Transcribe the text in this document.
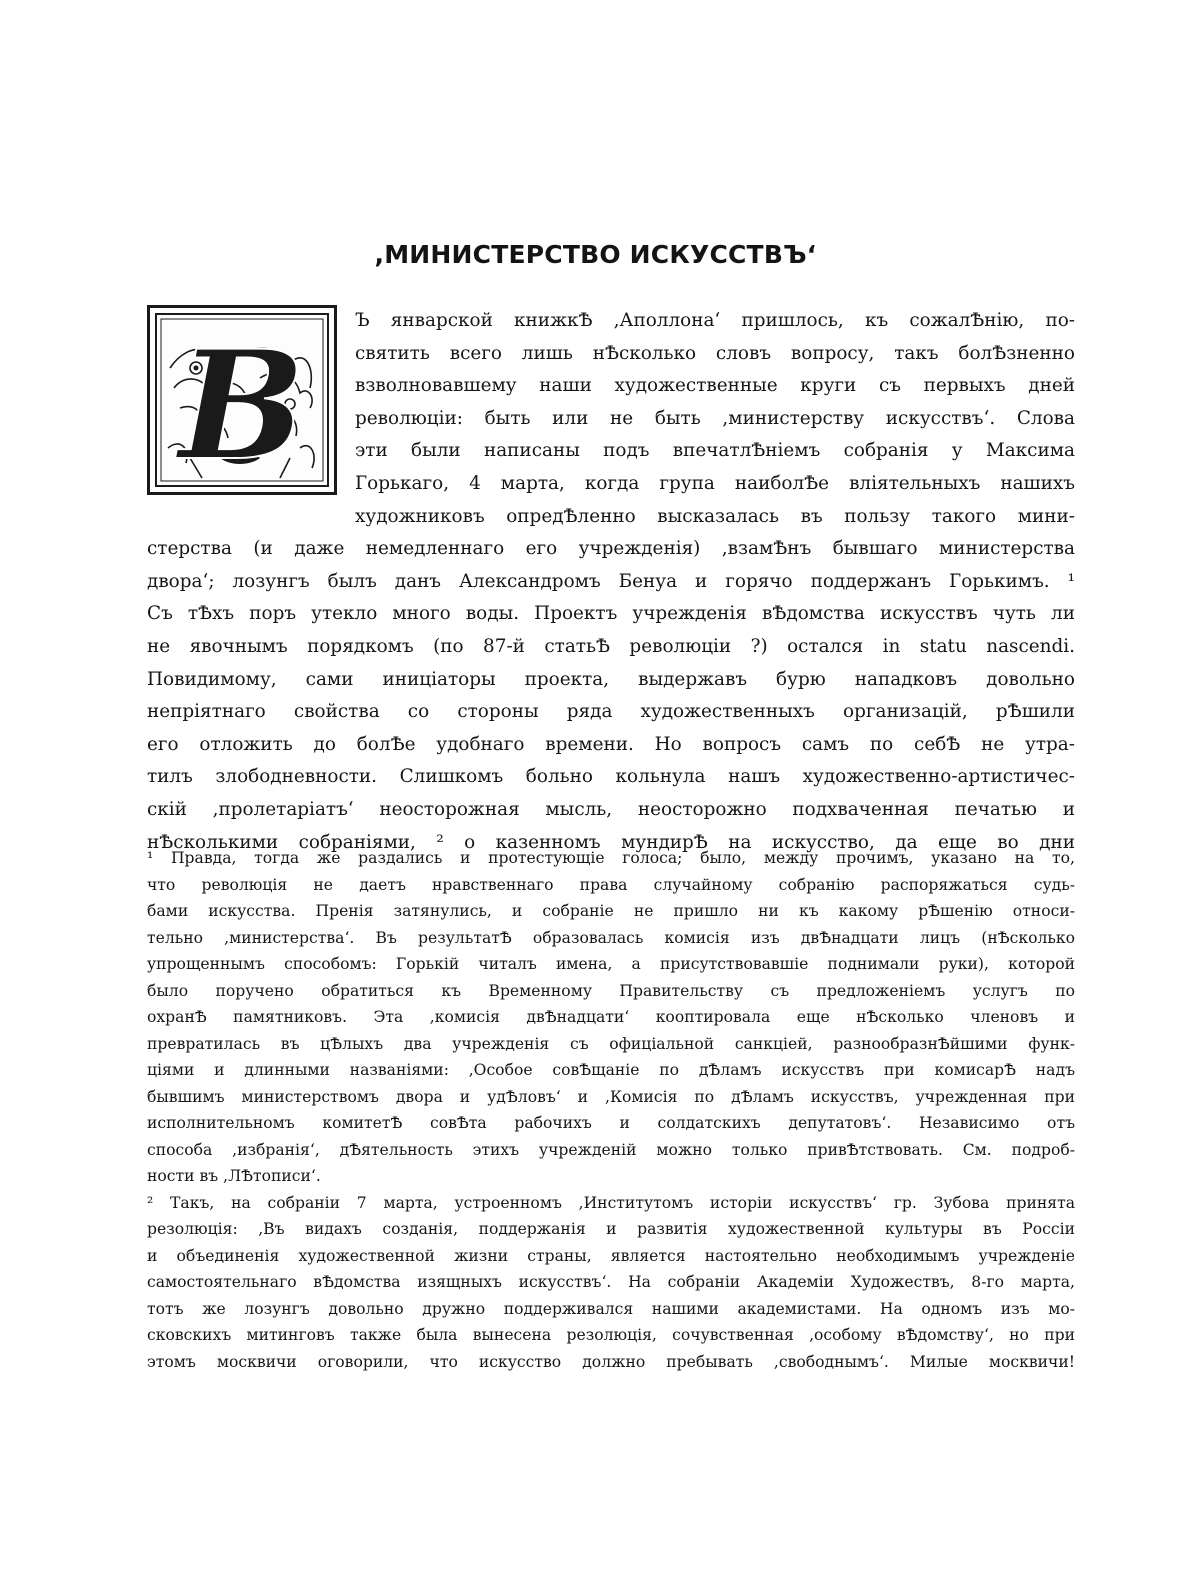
,МИНИСТЕРСТВО ИСКУССТВЪ‘
В	Ъ январской книжкѢ ,Аполлона‘ пришлось, къ сожалѢнію, по-
святить всего лишь нѢсколько словъ вопросу, такъ болѢзненно
взволновавшему наши художественные круги съ первыхъ дней
революціи: быть или не быть ,министерству искусствъ‘. Слова
эти были написаны подъ впечатлѢніемъ собранія у Максима
Горькаго, 4 марта, когда група наиболѢе вліятельныхъ нашихъ
художниковъ опредѢленно высказалась въ пользу такого мини-
стерства (и даже немедленнаго его учрежденія) ,взамѢнъ бывшаго министерства
двора‘; лозунгъ былъ данъ Александромъ Бенуа и горячо поддержанъ Горькимъ. ¹
Съ тѢхъ поръ утекло много воды. Проектъ учрежденія вѢдомства искусствъ чуть ли
не явочнымъ порядкомъ (по 87-й статьѢ революціи ?) остался in statu nascendi.
Повидимому, сами иниціаторы проекта, выдержавъ бурю нападковъ довольно
непріятнаго свойства со стороны ряда художественныхъ организацій, рѢшили
его отложить до болѢе удобнаго времени. Но вопросъ самъ по себѢ не утра-
тилъ злободневности. Слишкомъ больно кольнула нашъ художественно-артистичес-
скій ,пролетаріатъ‘ неосторожная мысль, неосторожно подхваченная печатью и
нѢсколькими собраніями, ² о казенномъ мундирѢ на искусство, да еще во дни
¹ Правда, тогда же раздались и протестующіе голоса; было, между прочимъ, указано на то,
что революція не даетъ нравственнаго права случайному собранію распоряжаться судь-
бами искусства. Пренія затянулись, и собраніе не пришло ни къ какому рѢшенію относи-
тельно ,министерства‘. Въ результатѢ образовалась комисія изъ двѢнадцати лицъ (нѢсколько
упрощеннымъ способомъ: Горькій читалъ имена, а присутствовавшіе поднимали руки), которой
было поручено обратиться къ Временному Правительству съ предложеніемъ услугъ по
охранѢ памятниковъ. Эта ,комисія двѢнадцати‘ кооптировала еще нѢсколько членовъ и
превратилась въ цѢлыхъ два учрежденія съ офиціальной санкціей, разнообразнѢйшими функ-
ціями и длинными названіями: ,Особое совѢщаніе по дѢламъ искусствъ при комисарѢ надъ
бывшимъ министерствомъ двора и удѢловъ‘ и ,Комисія по дѢламъ искусствъ, учрежденная при
исполнительномъ комитетѢ совѢта рабочихъ и солдатскихъ депутатовъ‘. Независимо отъ
способа ,избранія‘, дѢятельность этихъ учрежденій можно только привѢтствовать. См. подроб-
ности въ ,ЛѢтописи‘.
² Такъ, на собраніи 7 марта, устроенномъ ,Институтомъ исторіи искусствъ‘ гр. Зубова принята
резолюція: ,Въ видахъ созданія, поддержанія и развитія художественной культуры въ Россіи
и объединенія художественной жизни страны, является настоятельно необходимымъ учрежденіе
самостоятельнаго вѢдомства изящныхъ искусствъ‘. На собраніи Академіи Художествъ, 8-го марта,
тотъ же лозунгъ довольно дружно поддерживался нашими академистами. На одномъ изъ мо-
сковскихъ митинговъ также была вынесена резолюція, сочувственная ,особому вѢдомству‘, но при
этомъ москвичи оговорили, что искусство должно пребывать ,свободнымъ‘. Милые москвичи!
